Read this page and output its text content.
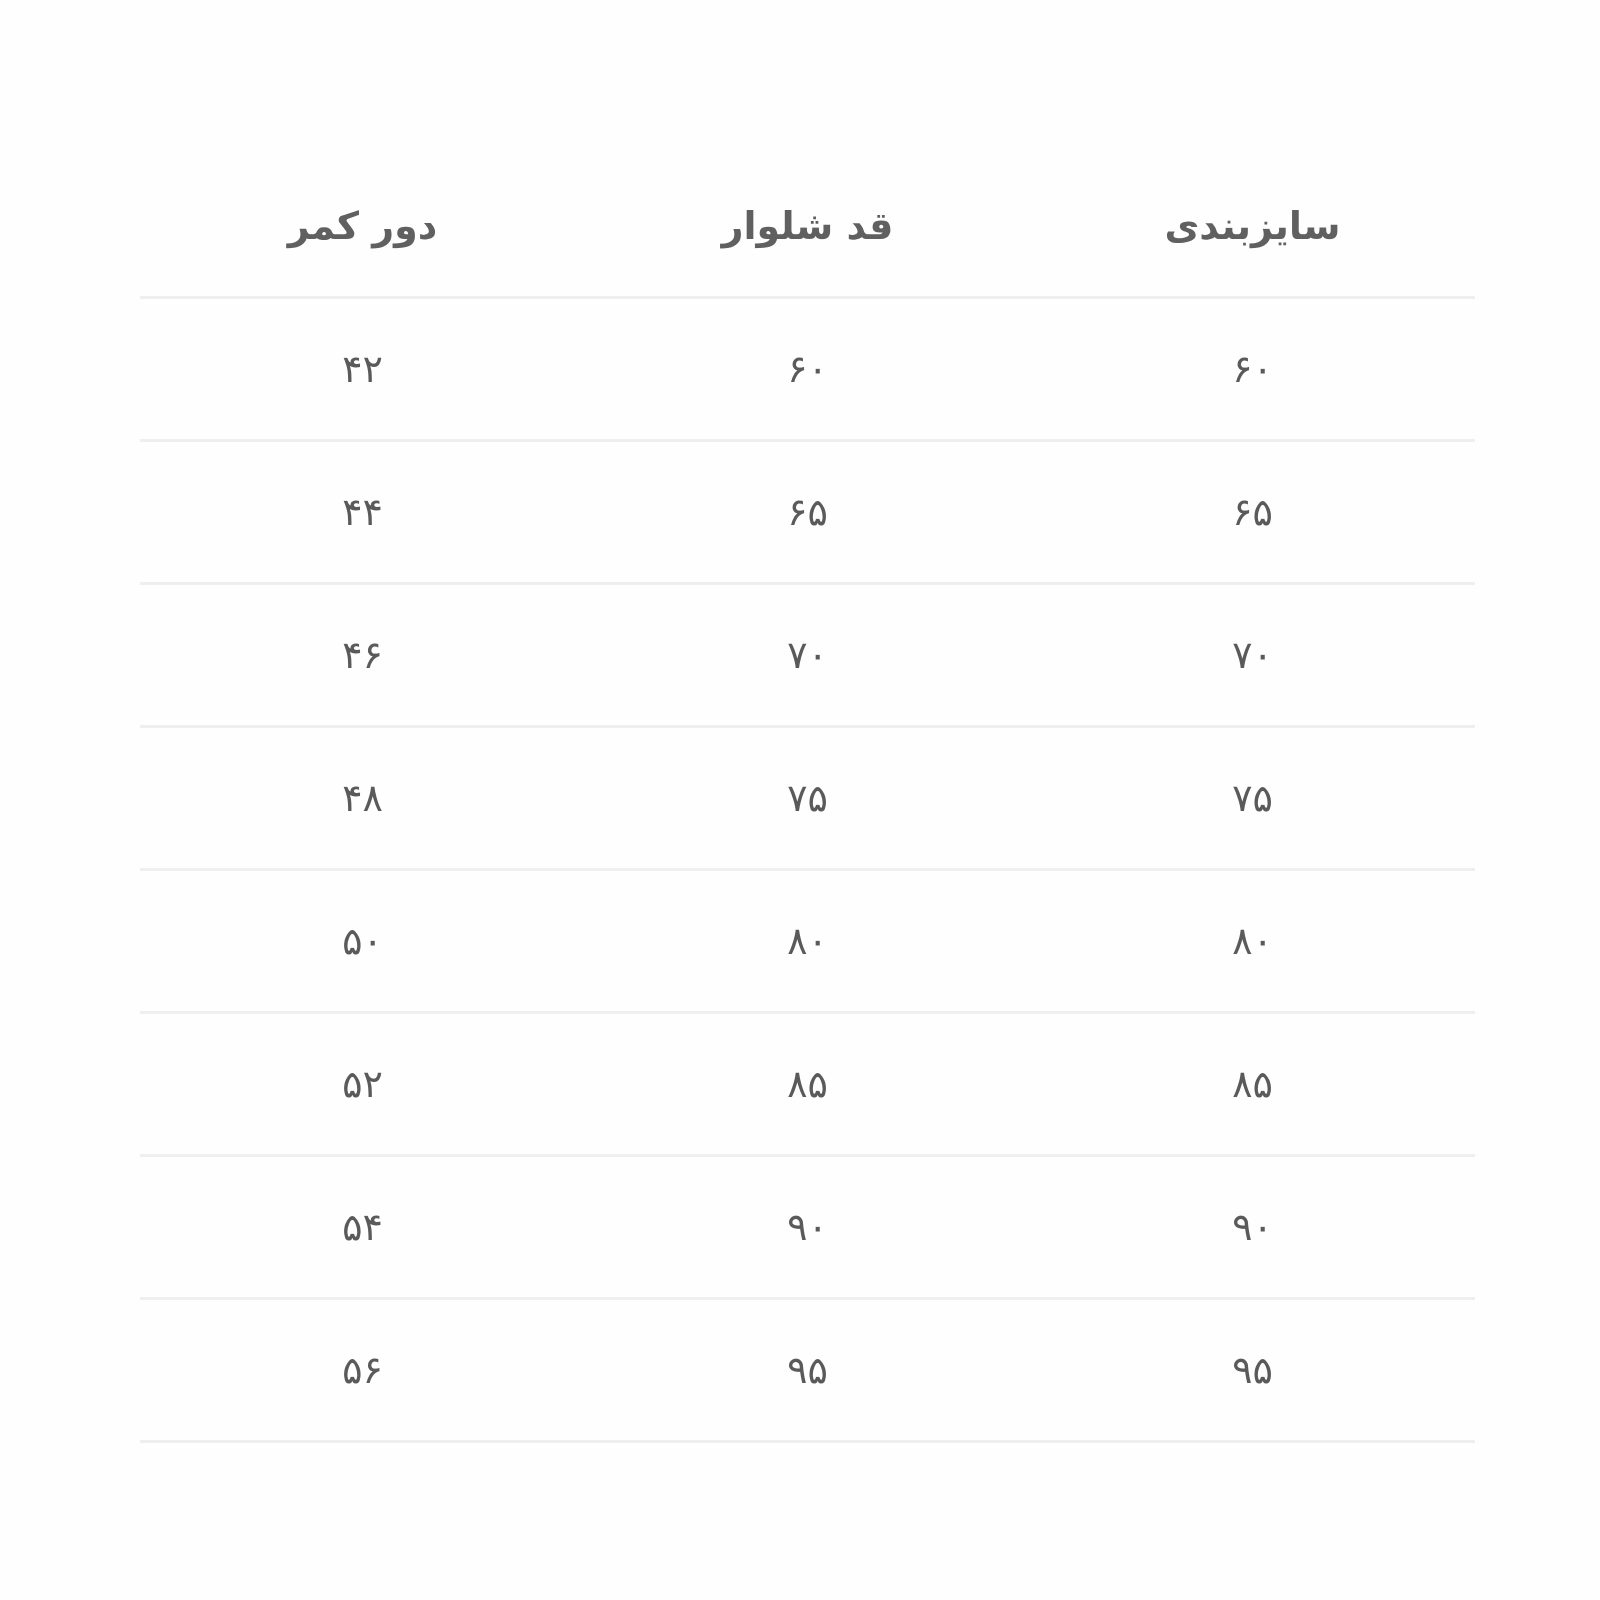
سایزبندی	قد شلوار	دور کمر
۶۰	۶۰	۴۲
۶۵	۶۵	۴۴
۷۰	۷۰	۴۶
۷۵	۷۵	۴۸
۸۰	۸۰	۵۰
۸۵	۸۵	۵۲
۹۰	۹۰	۵۴
۹۵	۹۵	۵۶
